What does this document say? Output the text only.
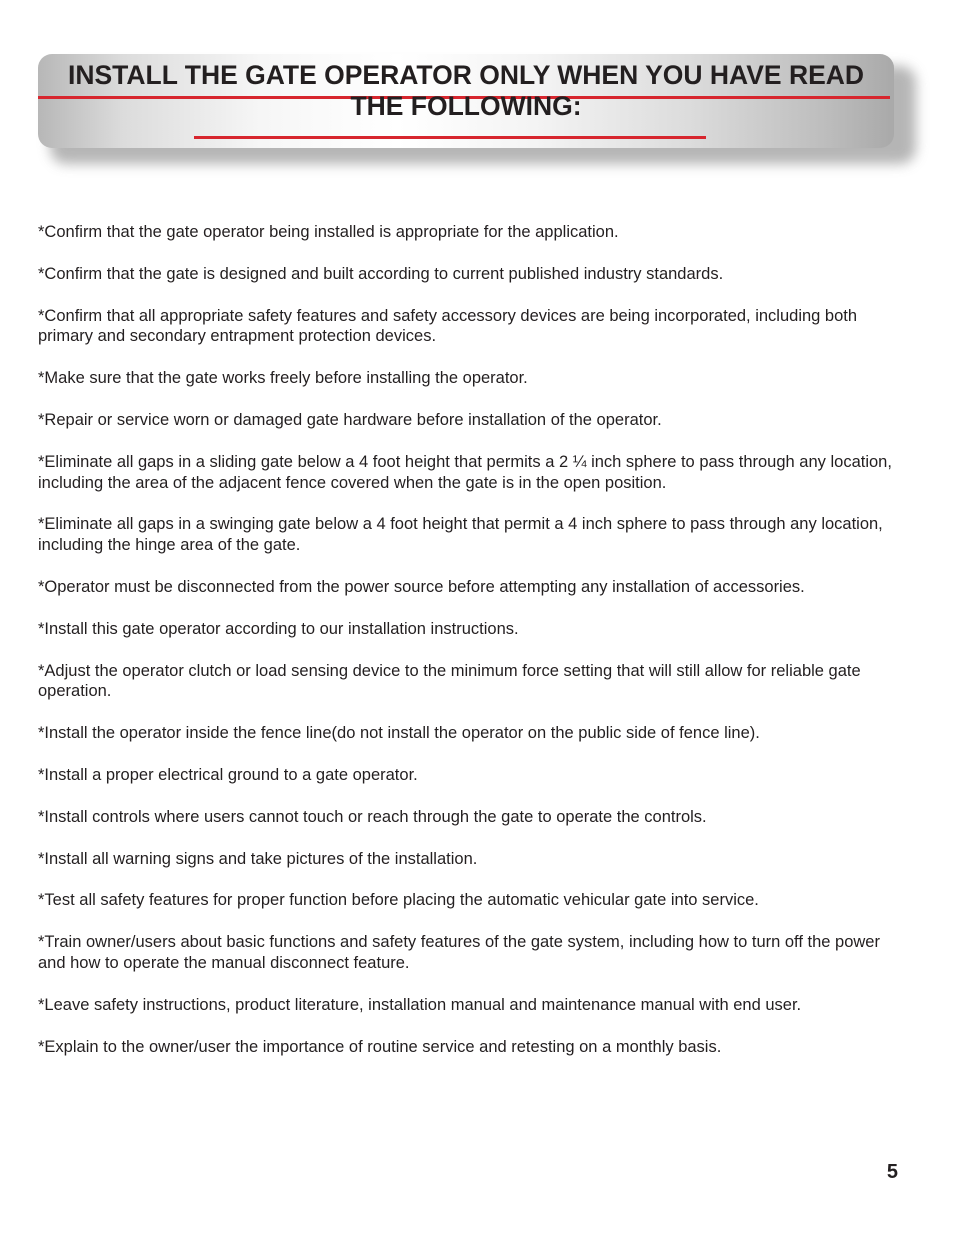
INSTALL THE GATE OPERATOR ONLY WHEN YOU HAVE READ THE FOLLOWING:

*Confirm that the gate operator being installed is appropriate for the application.

*Confirm that the gate is designed and built according to current published industry standards.

*Confirm that all appropriate safety features and safety accessory devices are being incorporated, including both primary and secondary entrapment protection devices.

*Make sure that the gate works freely before installing the operator.

*Repair or service worn or damaged gate hardware before installation of the operator.

*Eliminate all gaps in a sliding gate below a 4 foot height that permits a 2 ¼ inch sphere to pass through any location, including the area of the adjacent fence covered when the gate is in the open position.

*Eliminate all gaps in a swinging gate below a 4 foot height that permit a 4 inch sphere to pass through any location, including the hinge area of the gate.

*Operator must be disconnected from the power source before attempting any installation of accessories.

*Install this gate operator according to our installation instructions.

*Adjust the operator clutch or load sensing device to the minimum force setting that will still allow for reliable gate operation.

*Install the operator inside the fence line(do not install the operator on the public side of fence line).

*Install a proper electrical ground to a gate operator.

*Install controls where users cannot touch or reach through the gate to operate the controls.

*Install all warning signs and take pictures of the installation.

*Test all safety features for proper function before placing the automatic vehicular gate into service.

*Train owner/users about basic functions and safety features of the gate system, including how to turn off the power and how to operate the manual disconnect feature.

*Leave safety instructions, product literature, installation manual and maintenance manual with end user.

*Explain to the owner/user the importance of routine service and retesting on a monthly basis.

5
